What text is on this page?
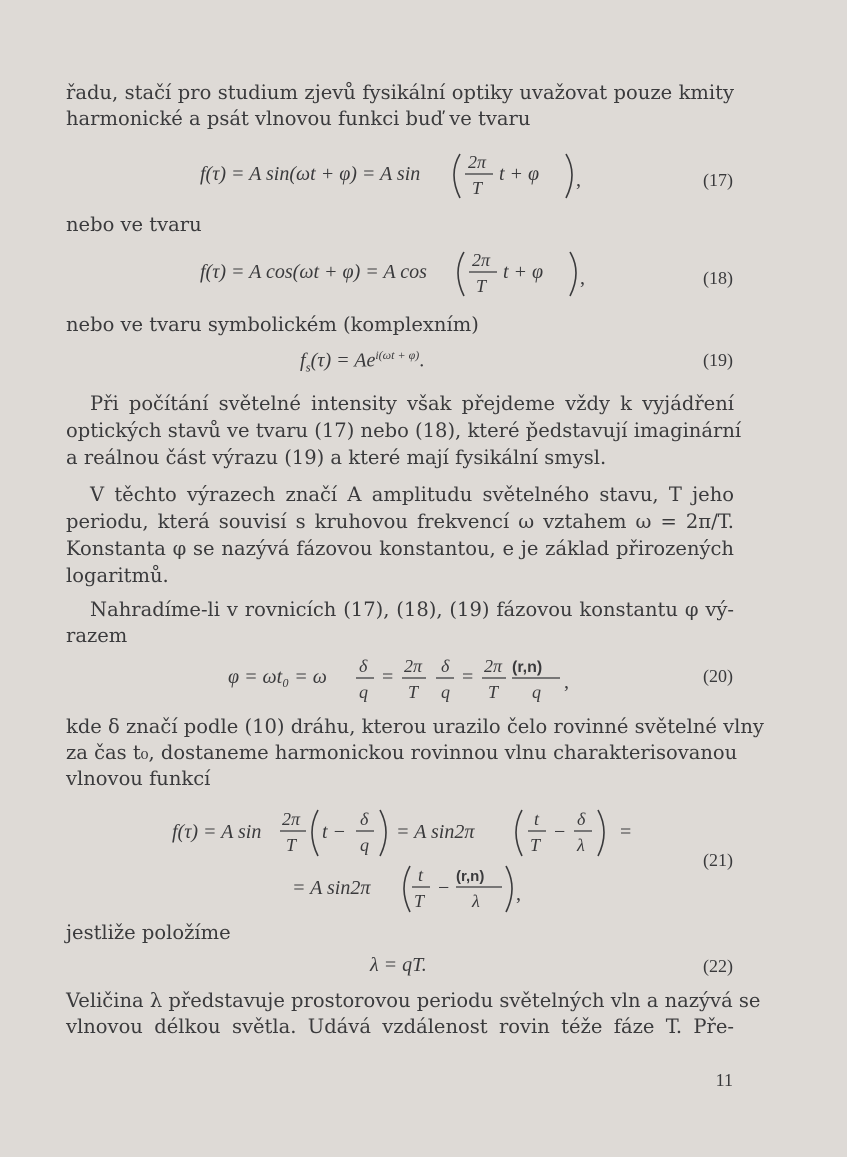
řadu, stačí pro studium zjevů fysikální optiky uvažovat pouze kmity
harmonické a psát vlnovou funkci buď ve tvaru
f(τ) = A sin(ωt + φ) = A sin
2π
T
t + φ ,	(17)
nebo ve tvaru
f(τ) = A cos(ωt + φ) = A cos
2π
T
t + φ ,	(18)
nebo ve tvaru symbolickém (komplexním)
$f_s(\tau) = Ae^{i(\omega t + \varphi)}$.	(19)
Při počítání světelné intensity však přejdeme vždy k vyjádření
optických stavů ve tvaru (17) nebo (18), které p̌edstavují imaginární
a reálnou část výrazu (19) a které mají fysikální smysl.
V těchto výrazech značí A amplitudu světelného stavu, T jeho
periodu, která souvisí s kruhovou frekvencí ω vztahem ω = 2π/T.
Konstanta φ se nazývá fázovou konstantou, e je základ přirozených
logaritmů.
Nahradíme-li v rovnicích (17), (18), (19) fázovou konstantu φ vý-
razem
φ = ωt₀ = ω δ
q
= 2π
T
δ
q
= 2π
T
(r,n)
q ,	(20)
kde δ značí podle (10) dráhu, kterou urazilo čelo rovinné světelné vlny
za čas t₀, dostaneme harmonickou rovinnou vlnu charakterisovanou
vlnovou funkcí
f(τ) = A sin
2π
T
t −
δ
q
= A sin2π
t
T
−
δ
λ
=
= A sin2π
t
T
−
(r,n)
λ ,
(21)
jestliže položíme
λ = qT.	(22)
Veličina λ představuje prostorovou periodu světelných vln a nazývá se
vlnovou délkou světla. Udává vzdálenost rovin téže fáze T. Pře-
11
